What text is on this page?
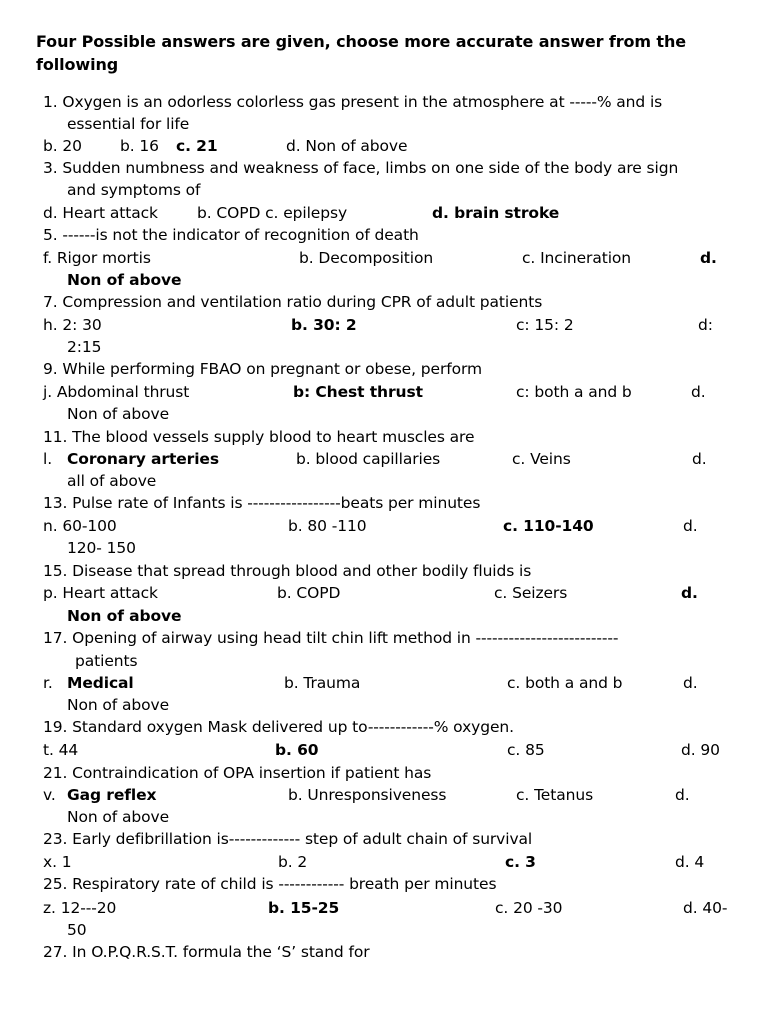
Four Possible answers are given, choose more accurate answer from the
following
1. Oxygen is an odorless colorless gas present in the atmosphere at -----% and is
essential for life
b. 20 b. 16 c. 21	d. Non of above
3. Sudden numbness and weakness of face, limbs on one side of the body are sign
and symptoms of
d. Heart attack	b. COPD c. epilepsy	d. brain stroke
5. ------is not the indicator of recognition of death
f. Rigor mortis	b. Decomposition	c. Incineration	d.
Non of above
7. Compression and ventilation ratio during CPR of adult patients
h. 2: 30	b. 30: 2	c: 15: 2	d:
2:15
9. While performing FBAO on pregnant or obese, perform
j. Abdominal thrust	b: Chest thrust	c: both a and b	d.
Non of above
11. The blood vessels supply blood to heart muscles are
l. Coronary arteries	b. blood capillaries	c. Veins	d.
all of above
13. Pulse rate of Infants is -----------------beats per minutes
n. 60-100	b. 80 -110	c. 110-140	d.
120- 150
15. Disease that spread through blood and other bodily fluids is
p. Heart attack	b. COPD	c. Seizers	d.
Non of above
17. Opening of airway using head tilt chin lift method in --------------------------
patients
r. Medical	b. Trauma	c. both a and b	d.
Non of above
19. Standard oxygen Mask delivered up to------------% oxygen.
t. 44	b. 60	c. 85	d. 90
21. Contraindication of OPA insertion if patient has
v. Gag reflex	b. Unresponsiveness	c. Tetanus	d.
Non of above
23. Early defibrillation is------------- step of adult chain of survival
x. 1	b. 2	c. 3	d. 4
25. Respiratory rate of child is ------------ breath per minutes
z. 12---20	b. 15-25	c. 20 -30	d. 40-
50
27. In O.P.Q.R.S.T. formula the ‘S’ stand for
